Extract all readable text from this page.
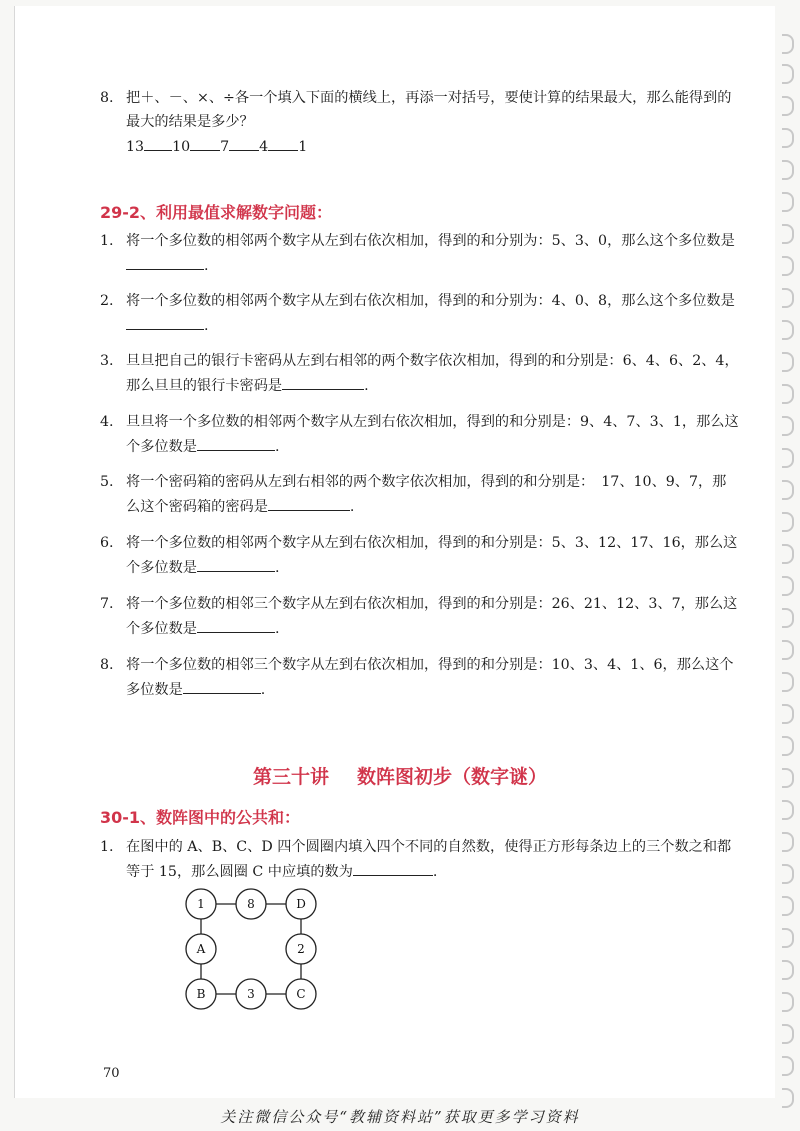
8. 把＋、－、×、÷各一个填入下面的横线上，再添一对括号，要使计算的结果最大，那么能得到的最大的结果是多少？
13 10 7 4 1
29-2、利用最值求解数字问题：
1. 将一个多位数的相邻两个数字从左到右依次相加，得到的和分别为：5、3、0，那么这个多位数是.
2. 将一个多位数的相邻两个数字从左到右依次相加，得到的和分别为：4、0、8，那么这个多位数是.
3. 旦旦把自己的银行卡密码从左到右相邻的两个数字依次相加，得到的和分别是：6、4、6、2、4，那么旦旦的银行卡密码是	.
4. 旦旦将一个多位数的相邻两个数字从左到右依次相加，得到的和分别是：9、4、7、3、1，那么这个多位数是	.
5. 将一个密码箱的密码从左到右相邻的两个数字依次相加，得到的和分别是：　17、10、9、7，那么这个密码箱的密码是	.
6. 将一个多位数的相邻两个数字从左到右依次相加，得到的和分别是：5、3、12、17、16，那么这个多位数是	.
7. 将一个多位数的相邻三个数字从左到右依次相加，得到的和分别是：26、21、12、3、7，那么这个多位数是	.
8. 将一个多位数的相邻三个数字从左到右依次相加，得到的和分别是：10、3、4、1、6，那么这个多位数是	.
第三十讲 数阵图初步（数字谜）
30-1、数阵图中的公共和：
1. 在图中的 A、B、C、D 四个圆圈内填入四个不同的自然数，使得正方形每条边上的三个数之和都等于 15，那么圆圈 C 中应填的数为	.
1	8	D
A	2
B	3	C
70
关注微信公众号“教辅资料站”获取更多学习资料
